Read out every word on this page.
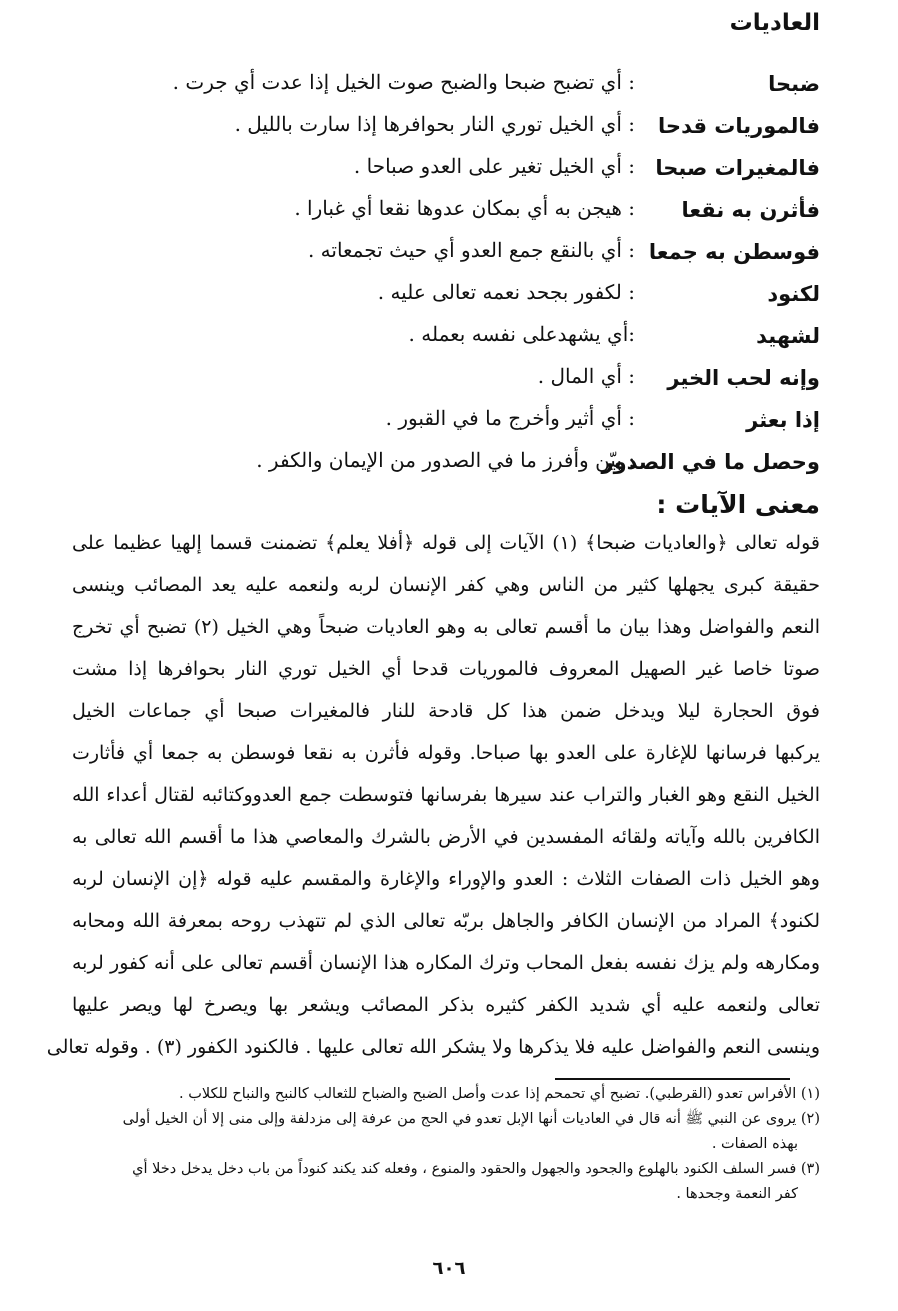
العاديات
ضبحا
: أي تضبح ضبحا والضبح صوت الخيل إذا عدت أي جرت .
فالموريات قدحا
: أي الخيل توري النار بحوافرها إذا سارت بالليل .
فالمغيرات صبحا
: أي الخيل تغير على العدو صباحا .
فأثرن به نقعا
: هيجن به أي بمكان عدوها نقعا أي غبارا .
فوسطن به جمعا
: أي بالنقع جمع العدو أي حيث تجمعاته .
لكنود
: لكفور بجحد نعمه تعالى عليه .
لشهيد
:أي يشهدعلى نفسه بعمله .
وإنه لحب الخير
: أي المال .
إذا بعثر
: أي أثير وأخرج ما في القبور .
وحصل ما في الصدور
: بيّن وأفرز ما في الصدور من الإيمان والكفر .
معنى الآيات :
قوله تعالى ﴿والعاديات ضبحا﴾ (١) الآيات إلى قوله ﴿أفلا يعلم﴾ تضمنت قسما إلهيا عظيما على
حقيقة كبرى يجهلها كثير من الناس وهي كفر الإنسان لربه ولنعمه عليه يعد المصائب وينسى
النعم والفواضل وهذا بيان ما أقسم تعالى به وهو العاديات ضبحاً وهي الخيل (٢) تضبح أي تخرج
صوتا خاصا غير الصهيل المعروف فالموريات قدحا أي الخيل توري النار بحوافرها إذا مشت
فوق الحجارة ليلا ويدخل ضمن هذا كل قادحة للنار فالمغيرات صبحا أي جماعات الخيل
يركبها فرسانها للإغارة على العدو بها صباحا. وقوله فأثرن به نقعا فوسطن به جمعا أي فأثارت
الخيل النقع وهو الغبار والتراب عند سيرها بفرسانها فتوسطت جمع العدووكتائبه لقتال أعداء الله
الكافرين بالله وآياته ولقائه المفسدين في الأرض بالشرك والمعاصي هذا ما أقسم الله تعالى به
وهو الخيل ذات الصفات الثلاث : العدو والإوراء والإغارة والمقسم عليه قوله ﴿إن الإنسان لربه
لكنود﴾ المراد من الإنسان الكافر والجاهل بربّه تعالى الذي لم تتهذب روحه بمعرفة الله ومحابه
ومكارهه ولم يزك نفسه بفعل المحاب وترك المكاره هذا الإنسان أقسم تعالى على أنه كفور لربه
تعالى ولنعمه عليه أي شديد الكفر كثيره بذكر المصائب ويشعر بها ويصرخ لها ويصر عليها
وينسى النعم والفواضل عليه فلا يذكرها ولا يشكر الله تعالى عليها . فالكنود الكفور (٣) . وقوله تعالى
(١) الأفراس تعدو (القرطبي). تضبح أي تحمحم إذا عدت وأصل الضبح والضباح للثعالب كالنبح والنباح للكلاب .
(٢) يروى عن النبي ﷺ أنه قال في العاديات أنها الإبل تعدو في الحج من عرفة إلى مزدلفة وإلى منى إلا أن الخيل أولى
بهذه الصفات .
(٣) فسر السلف الكنود بالهلوع والجحود والجهول والحقود والمنوع ، وفعله كند يكند كنوداً من باب دخل يدخل دخلا أي
كفر النعمة وجحدها .
٦٠٦
